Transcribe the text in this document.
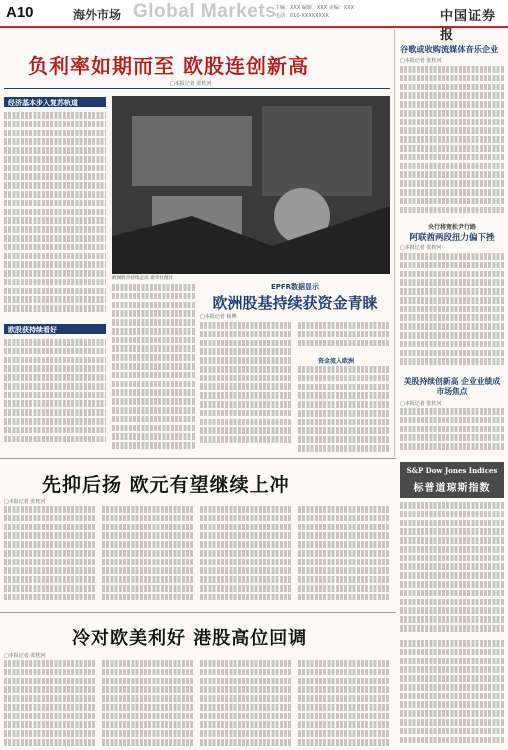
A10	海外市场 Global Markets
主编：XXX 编辑：XXX 美编：XXX
电话：010-XXXXXXXX	中国证券报
负利率如期而至 欧股连创新高
□本报记者 张枕河
经济基本步入复苏轨道
欧股获持续看好
欧洲股市持续走高 新华社图片
EPFR数据显示
欧洲股基持续获资金青睐
□本报记者 杨博
资金流入欧洲
谷歌或收购流媒体音乐企业
□本报记者 张枕河
央行将宽松尹行路
阿联酋两段扭力偏下挫
□本报记者 张枕河
美股持续创新高 企业业绩成市场焦点
□本报记者 张枕河
S&P Dow Jones Indices
标普道琼斯指数
先抑后扬 欧元有望继续上冲
□本报记者 张枕河
冷对欧美利好 港股高位回调
□本报记者 张枕河
